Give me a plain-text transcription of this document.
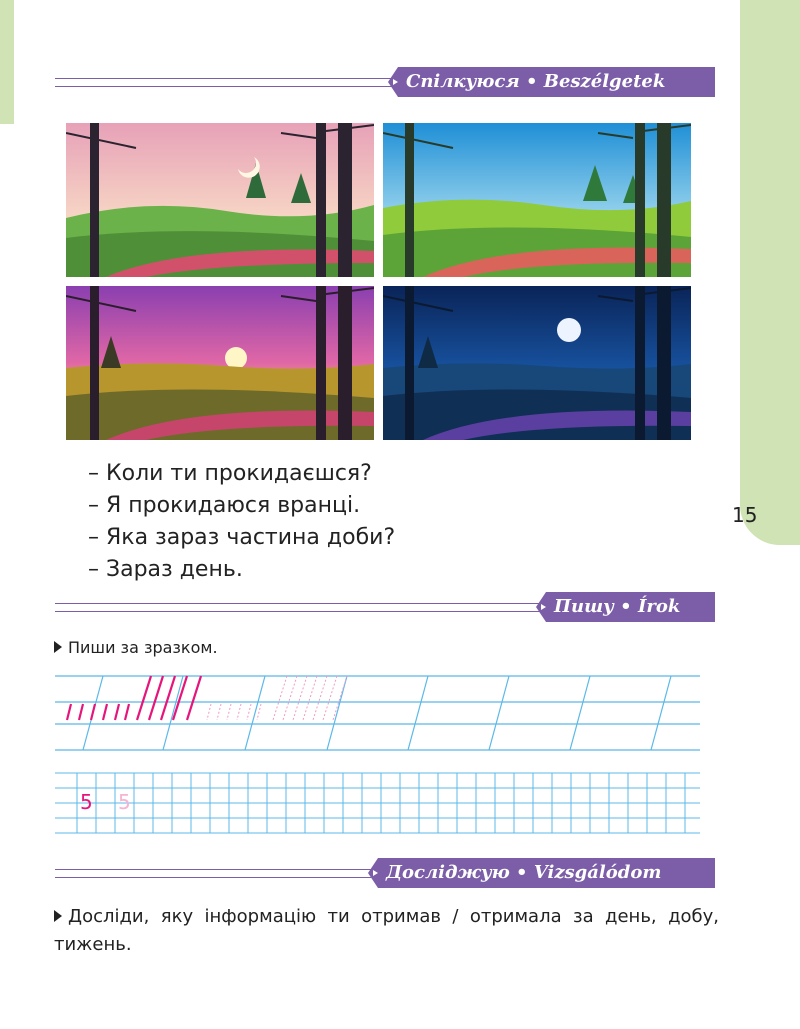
15
Спілкуюся • Beszélgetek
– Коли ти прокидаєшся?
– Я прокидаюся вранці.
– Яка зараз частина доби?
– Зараз день.
Пишу • Írok
Пиши за зразком.
5 5
Досліджую • Vizsgálódom
Досліди, яку інформацію ти отримав / отримала за день, добу, тижень.
